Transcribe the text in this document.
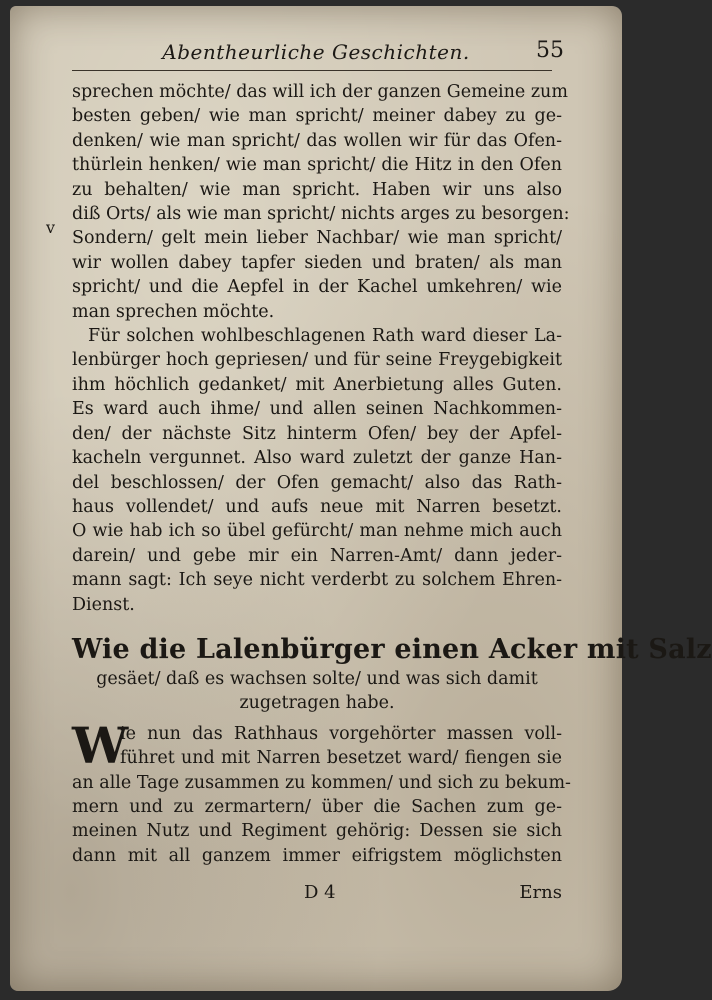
Abentheurliche Geschichten.	55
v
sprechen möchte/ das will ich der ganzen Gemeine zum
besten geben/ wie man spricht/ meiner dabey zu ge-
denken/ wie man spricht/ das wollen wir für das Ofen-
thürlein henken/ wie man spricht/ die Hitz in den Ofen
zu behalten/ wie man spricht. Haben wir uns also
diß Orts/ als wie man spricht/ nichts arges zu besorgen:
Sondern/ gelt mein lieber Nachbar/ wie man spricht/
wir wollen dabey tapfer sieden und braten/ als man
spricht/ und die Aepfel in der Kachel umkehren/ wie
man sprechen möchte.
Für solchen wohlbeschlagenen Rath ward dieser La-
lenbürger hoch gepriesen/ und für seine Freygebigkeit
ihm höchlich gedanket/ mit Anerbietung alles Guten.
Es ward auch ihme/ und allen seinen Nachkommen-
den/ der nächste Sitz hinterm Ofen/ bey der Apfel-
kacheln vergunnet. Also ward zuletzt der ganze Han-
del beschlossen/ der Ofen gemacht/ also das Rath-
haus vollendet/ und aufs neue mit Narren besetzt.
O wie hab ich so übel gefürcht/ man nehme mich auch
darein/ und gebe mir ein Narren-Amt/ dann jeder-
mann sagt: Ich seye nicht verderbt zu solchem Ehren-
Dienst.
Wie die Lalenbürger einen Acker mit Salz
gesäet/ daß es wachsen solte/ und was sich damit
zugetragen habe.
W
ie nun das Rathhaus vorgehörter massen voll-
führet und mit Narren besetzet ward/ fiengen sie
an alle Tage zusammen zu kommen/ und sich zu bekum-
mern und zu zermartern/ über die Sachen zum ge-
meinen Nutz und Regiment gehörig: Dessen sie sich
dann mit all ganzem immer eifrigstem möglichsten
D 4	Erns
